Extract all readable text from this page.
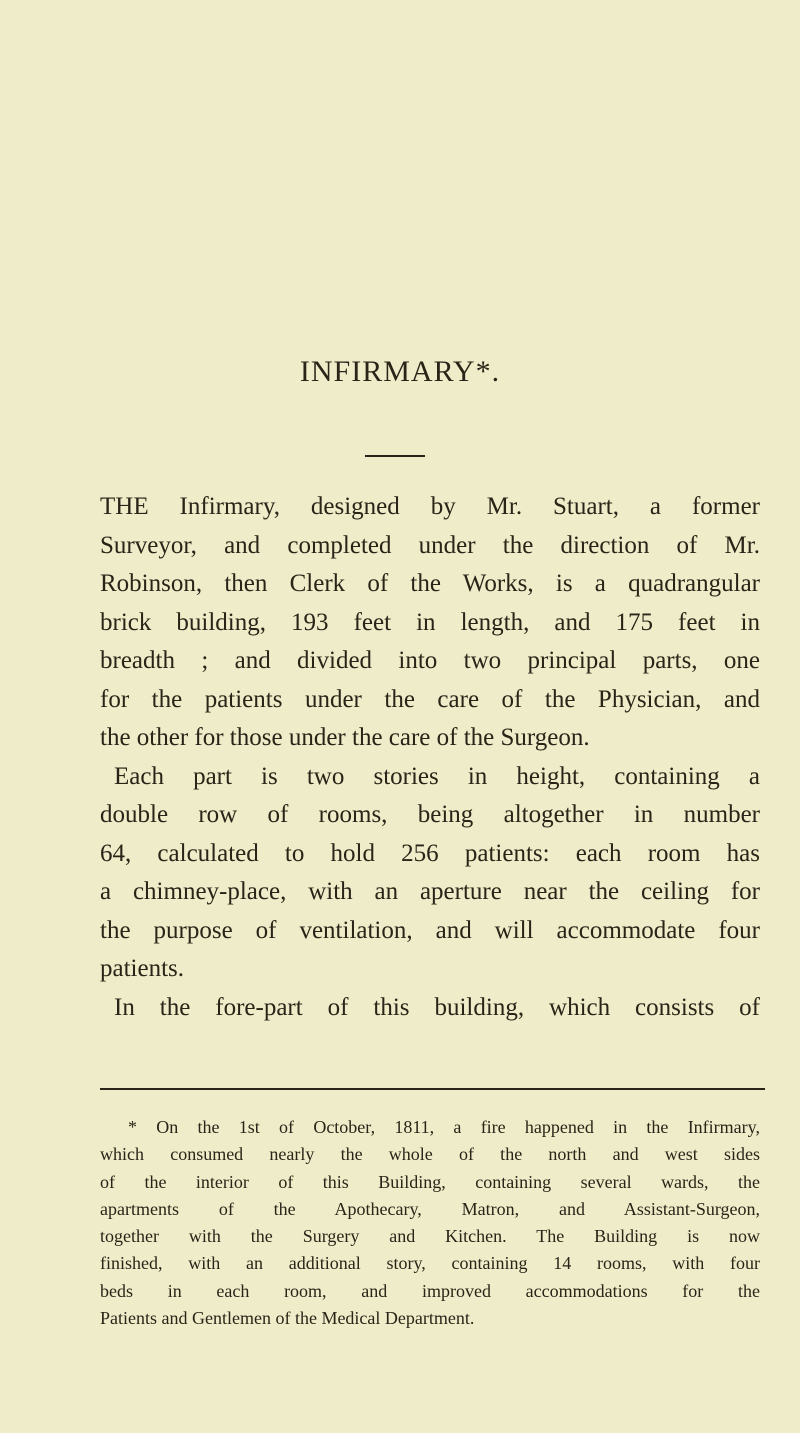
INFIRMARY*.
THE Infirmary, designed by Mr. Stuart, a former
Surveyor, and completed under the direction of Mr.
Robinson, then Clerk of the Works, is a quadrangular
brick building, 193 feet in length, and 175 feet in
breadth ; and divided into two principal parts, one
for the patients under the care of the Physician, and
the other for those under the care of the Surgeon.
Each part is two stories in height, containing a
double row of rooms, being altogether in number
64, calculated to hold 256 patients: each room has
a chimney-place, with an aperture near the ceiling for
the purpose of ventilation, and will accommodate four
patients.
In the fore-part of this building, which consists of
* On the 1st of October, 1811, a fire happened in the Infirmary,
which consumed nearly the whole of the north and west sides
of the interior of this Building, containing several wards, the
apartments of the Apothecary, Matron, and Assistant-Surgeon,
together with the Surgery and Kitchen. The Building is now
finished, with an additional story, containing 14 rooms, with four
beds in each room, and improved accommodations for the
Patients and Gentlemen of the Medical Department.
